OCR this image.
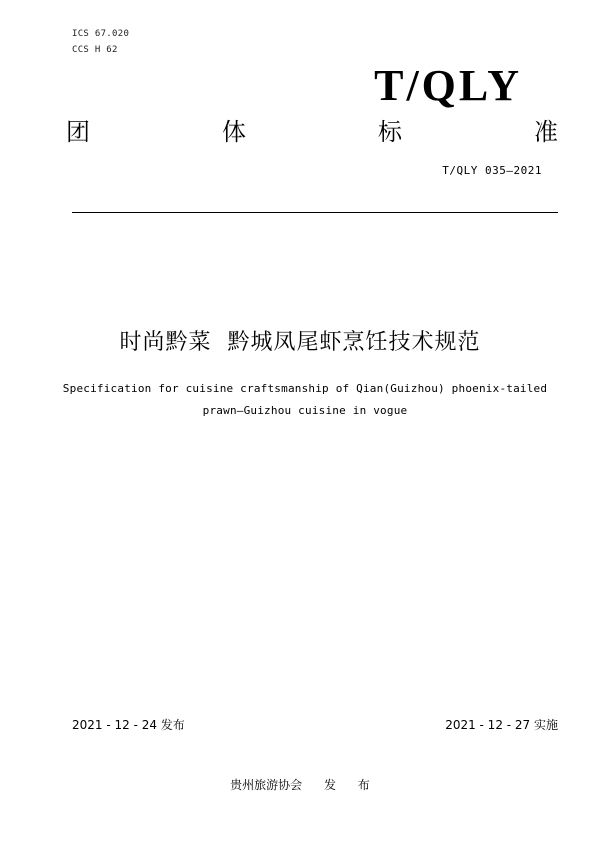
ICS 67.020
CCS H 62
T/QLY
团	体	标	准
T/QLY 035—2021
时尚黔菜  黔城凤尾虾烹饪技术规范
Specification for cuisine craftsmanship of Qian(Guizhou) phoenix-tailed
prawn—Guizhou cuisine in vogue
2021 - 12 - 24 发布	2021 - 12 - 27 实施
贵州旅游协会 发 布
